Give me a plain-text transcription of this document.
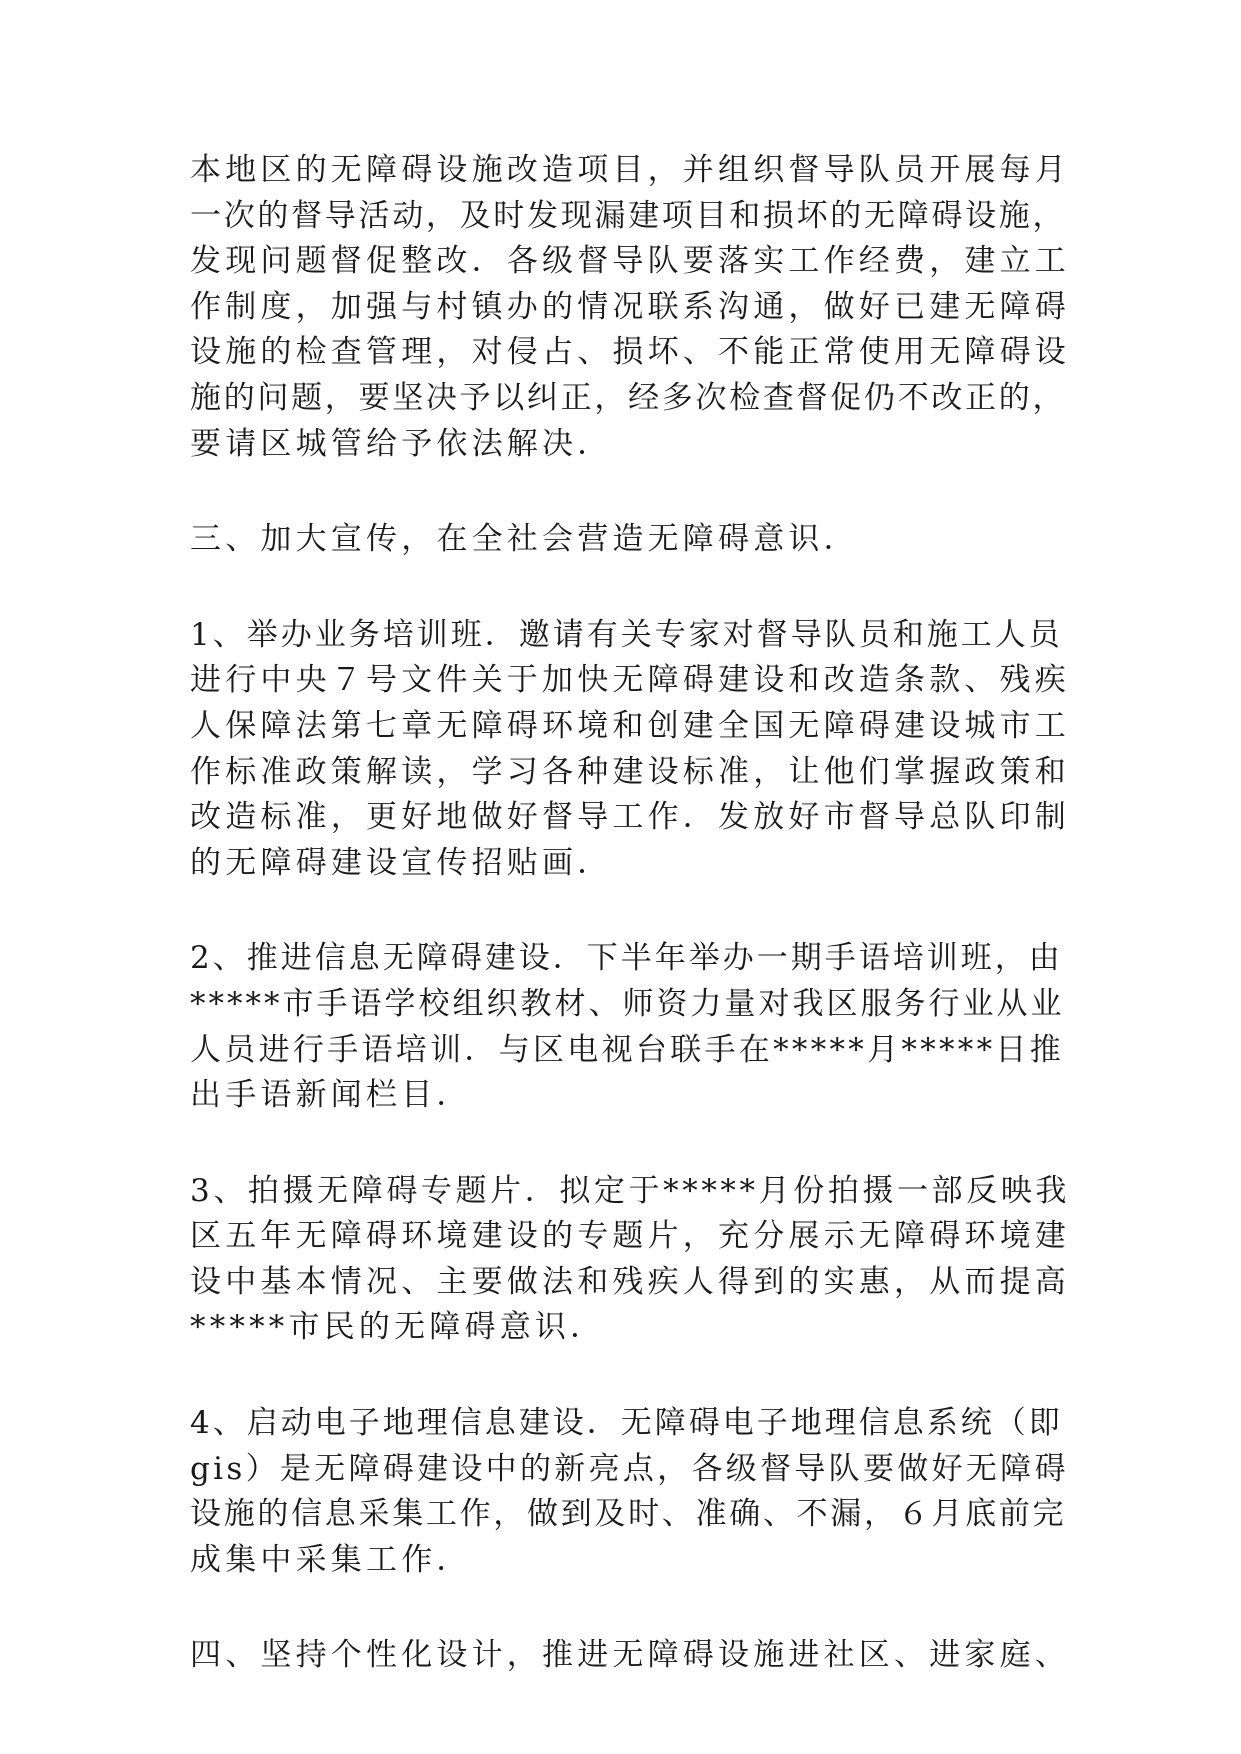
本地区的无障碍设施改造项目，并组织督导队员开展每月
一次的督导活动，及时发现漏建项目和损坏的无障碍设施，
发现问题督促整改．各级督导队要落实工作经费，建立工
作制度，加强与村镇办的情况联系沟通，做好已建无障碍
设施的检查管理，对侵占、损坏、不能正常使用无障碍设
施的问题，要坚决予以纠正，经多次检查督促仍不改正的，
要请区城管给予依法解决．
三、加大宣传，在全社会营造无障碍意识．
1、举办业务培训班．邀请有关专家对督导队员和施工人员
进行中央７号文件关于加快无障碍建设和改造条款、残疾
人保障法第七章无障碍环境和创建全国无障碍建设城市工
作标准政策解读，学习各种建设标准，让他们掌握政策和
改造标准，更好地做好督导工作．发放好市督导总队印制
的无障碍建设宣传招贴画．
2、推进信息无障碍建设．下半年举办一期手语培训班，由
*****市手语学校组织教材、师资力量对我区服务行业从业
人员进行手语培训．与区电视台联手在*****月*****日推
出手语新闻栏目．
3、拍摄无障碍专题片．拟定于*****月份拍摄一部反映我
区五年无障碍环境建设的专题片，充分展示无障碍环境建
设中基本情况、主要做法和残疾人得到的实惠，从而提高
*****市民的无障碍意识．
4、启动电子地理信息建设．无障碍电子地理信息系统（即
gis）是无障碍建设中的新亮点，各级督导队要做好无障碍
设施的信息采集工作，做到及时、准确、不漏，６月底前完
成集中采集工作．
四、坚持个性化设计，推进无障碍设施进社区、进家庭、
